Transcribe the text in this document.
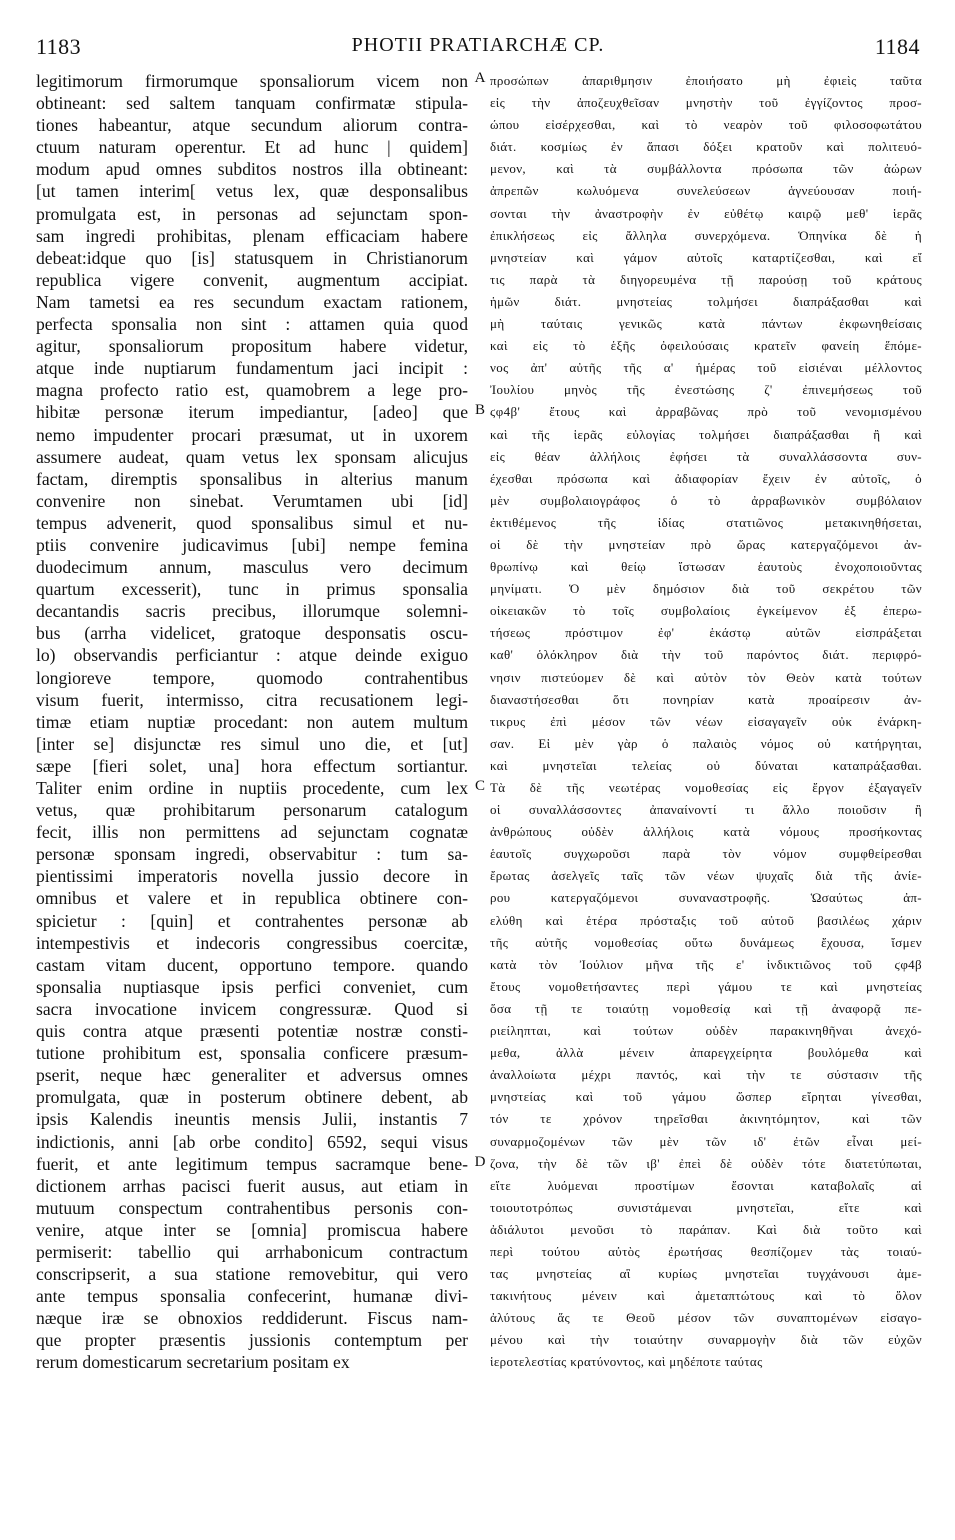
1183	PHOTII PRATIARCHÆ CP.	1184
legitimorum firmorumque sponsaliorum vicem non
obtineant: sed saltem tanquam confirmatæ stipula-
tiones habeantur, atque secundum aliorum contra-
ctuum naturam operentur. Et ad hunc | quidem]
modum apud omnes subditos nostros illa obtineant:
[ut tamen interim[ vetus lex, quæ desponsalibus
promulgata est, in personas ad sejunctam spon-
sam ingredi prohibitas, plenam efficaciam habere
debeat:idque quo [is] statusquem in Christianorum
republica vigere convenit, augmentum accipiat.
Nam tametsi ea res secundum exactam rationem,
perfecta sponsalia non sint : attamen quia quod
agitur, sponsaliorum propositum habere videtur,
atque inde nuptiarum fundamentum jaci incipit :
magna profecto ratio est, quamobrem a lege pro-
hibitæ personæ iterum impediantur, [adeo] que
nemo impudenter procari præsumat, ut in uxorem
assumere audeat, quam vetus lex sponsam alicujus
factam, diremptis sponsalibus in alterius manum
convenire non sinebat. Verumtamen ubi [id]
tempus advenerit, quod sponsalibus simul et nu-
ptiis convenire judicavimus [ubi] nempe femina
duodecimum annum, masculus vero decimum
quartum excesserit), tunc in primus sponsalia
decantandis sacris precibus, illorumque solemni-
bus (arrha videlicet, gratoque desponsatis oscu-
lo) observandis perficiantur : atque deinde exiguo
longioreve tempore, quomodo contrahentibus
visum fuerit, intermisso, citra recusationem legi-
timæ etiam nuptiæ procedant: non autem multum
[inter se] disjunctæ res simul uno die, et [ut]
sæpe [fieri solet, una] hora effectum sortiantur.
Taliter enim ordine in nuptiis procedente, cum lex
vetus, quæ prohibitarum personarum catalogum
fecit, illis non permittens ad sejunctam cognatæ
personæ sponsam ingredi, observabitur : tum sa-
pientissimi imperatoris novella jussio decore in
omnibus et valere et in republica obtinere con-
spicietur : [quin] et contrahentes personæ ab
intempestivis et indecoris congressibus coercitæ,
castam vitam ducent, opportuno tempore. quando
sponsalia nuptiasque ipsis perfici conveniet, cum
sacra invocatione invicem congressuræ. Quod si
quis contra atque præsenti potentiæ nostræ consti-
tutione prohibitum est, sponsalia conficere præsum-
pserit, neque hæc generaliter et adversus omnes
promulgata, quæ in posterum obtinere debent, ab
ipsis Kalendis ineuntis mensis Julii, instantis 7
indictionis, anni [ab orbe condito] 6592, sequi visus
fuerit, et ante legitimum tempus sacramque bene-
dictionem arrhas pacisci fuerit ausus, aut etiam in
mutuum conspectum contrahentibus personis con-
venire, atque inter se [omnia] promiscua habere
permiserit: tabellio qui arrhabonicum contractum
conscripserit, a sua statione removebitur, qui vero
ante tempus sponsalia confecerint, humanæ divi-
næque iræ se obnoxios reddiderunt. Fiscus nam-
que propter præsentis jussionis contemptum per
rerum domesticarum secretarium positam ex
προσώπων ἀπαριθμησιν ἐποιήσατο μὴ ἐφιεὶς ταῦτα
εἰς τὴν ἀποζευχθεῖσαν μνηστὴν τοῦ ἐγγίζοντος προσ-
ώπου εἰσέρχεσθαι, καὶ τὸ νεαρὸν τοῦ φιλοσοφωτάτου
διάτ. κοσμίως ἐν ἅπασι δόξει κρατοῦν καὶ πολιτευό-
μενον, καὶ τὰ συμβάλλοντα πρόσωπα τῶν ἀώρων
ἀπρεπῶν κωλυόμενα συνελεύσεων ἁγνεύουσαν ποιή-
σονται τὴν ἀναστροφὴν ἐν εὐθέτῳ καιρῷ μεθ' ἱερᾶς
ἐπικλήσεως εἰς ἄλληλα συνερχόμενα. Ὁπηνίκα δὲ ἡ
μνηστείαν καὶ γάμον αὐτοῖς καταρτίζεσθαι, καὶ εἴ
τις παρὰ τὰ διηγορευμένα τῇ παρούσῃ τοῦ κράτους
ἡμῶν διάτ. μνηστείας τολμήσει διαπράξασθαι καὶ
μὴ ταύταις γενικῶς κατὰ πάντων ἐκφωνηθείσαις
καὶ εἰς τὸ ἑξῆς ὀφειλούσαις κρατεῖν φανείη ἕπόμε-
νος ἀπ' αὐτῆς τῆς α' ἡμέρας τοῦ εἰσιέναι μέλλοντος
Ἰουλίου μηνὸς τῆς ἐνεστώσης ζ' ἐπινεμήσεως τοῦ
ϛφ4β' ἔτους καὶ ἀρραβῶνας πρὸ τοῦ νενομισμένου
καὶ τῆς ἱερᾶς εὐλογίας τολμήσει διαπράξασθαι ἢ καὶ
εἰς θέαν ἀλλήλοις ἐφήσει τὰ συναλλάσσοντα συν-
έχεσθαι πρόσωπα καὶ ἀδιαφορίαν ἔχειν ἐν αὐτοῖς, ὁ
μὲν συμβολαιογράφος ὁ τὸ ἀρραβωνικὸν συμβόλαιον
ἐκτιθέμενος τῆς ἰδίας στατιῶνος μετακινηθήσεται,
οἱ δὲ τὴν μνηστείαν πρὸ ὥρας κατεργαζόμενοι ἀν-
θρωπίνῳ καὶ θείῳ ἴστωσαν ἑαυτοὺς ἐνοχοποιοῦντας
μηνίματι. Ὁ μὲν δημόσιον διὰ τοῦ σεκρέτου τῶν
οἰκειακῶν τὸ τοῖς συμβολαίοις ἐγκείμενον ἐξ ἐπερω-
τήσεως πρόστιμον ἐφ' ἑκάστῳ αὐτῶν εἰσπράξεται
καθ' ὁλόκληρον διὰ τὴν τοῦ παρόντος διάτ. περιφρό-
νησιν πιστεύομεν δὲ καὶ αὐτὸν τὸν Θεὸν κατὰ τούτων
διαναστήσεσθαι ὅτι πονηρίαν κατὰ προαίρεσιν ἀν-
τικρυς ἐπὶ μέσον τῶν νέων εἰσαγαγεῖν οὐκ ἐνάρκη-
σαν. Εἰ μὲν γὰρ ὁ παλαιὸς νόμος οὐ κατήργηται,
καὶ μνηστεῖαι τελείας οὐ δύναται καταπράξασθαι.
Τὰ δὲ τῆς νεωτέρας νομοθεσίας εἰς ἔργον ἐξαγαγεῖν
οἱ συναλλάσσοντες ἀπαναίνοντί τι ἄλλο ποιοῦσιν ἢ
ἀνθρώπους οὐδὲν ἀλλήλοις κατὰ νόμους προσήκοντας
ἑαυτοῖς συγχωροῦσι παρὰ τὸν νόμον συμφθείρεσθαι
ἔρωτας ἀσελγεῖς ταῖς τῶν νέων ψυχαῖς διὰ τῆς ἀνίε-
ρου κατεργαζόμενοι συναναστροφῆς. Ὡσαύτως ἀπ-
ελύθη καὶ ἑτέρα πρόσταξις τοῦ αὐτοῦ βασιλέως χάριν
τῆς αὐτῆς νομοθεσίας οὕτω δυνάμεως ἔχουσα, ἴσμεν
κατὰ τὸν Ἰούλιον μῆνα τῆς ε' ἰνδικτιῶνος τοῦ ϛφ4β
ἔτους νομοθετήσαντες περὶ γάμου τε καὶ μνηστείας
ὅσα τῇ τε τοιαύτῃ νομοθεσίᾳ καὶ τῇ ἀναφορᾷ πε-
ριείληπται, καὶ τούτων οὐδὲν παρακινηθῆναι ἀνεχό-
μεθα, ἀλλὰ μένειν ἀπαρεγχείρητα βουλόμεθα καὶ
ἀναλλοίωτα μέχρι παντός, καὶ τὴν τε σύστασιν τῆς
μνηστείας καὶ τοῦ γάμου ὥσπερ εἴρηται γίνεσθαι,
τόν τε χρόνον τηρεῖσθαι ἀκινητόμητον, καὶ τῶν
συναρμοζομένων τῶν μὲν τῶν ιδ' ἐτῶν εἶναι μεί-
ζονα, τὴν δὲ τῶν ιβ' ἐπεὶ δὲ οὐδὲν τότε διατετύπωται,
εἴτε λυόμεναι προστίμων ἔσονται καταβολαῖς αἱ
τοιουτοτρόπως συνιστάμεναι μνηστεῖαι, εἴτε καὶ
ἀδιάλυτοι μενοῦσι τὸ παράπαν. Καὶ διὰ τοῦτο καὶ
περὶ τούτου αὐτὸς ἐρωτήσας θεσπίζομεν τὰς τοιαύ-
τας μνηστείας αἳ κυρίως μνηστεῖαι τυγχάνουσι ἀμε-
τακινήτους μένειν καὶ ἀμεταπτώτους καὶ τὸ ὅλον
ἀλύτους ἅς τε Θεοῦ μέσον τῶν συναπτομένων εἰσαγο-
μένου καὶ τὴν τοιαύτην συναρμογὴν διὰ τῶν εὐχῶν
ἱεροτελεστίας κρατύνοντος, καὶ μηδέποτε ταύτας
A
B
C
D
